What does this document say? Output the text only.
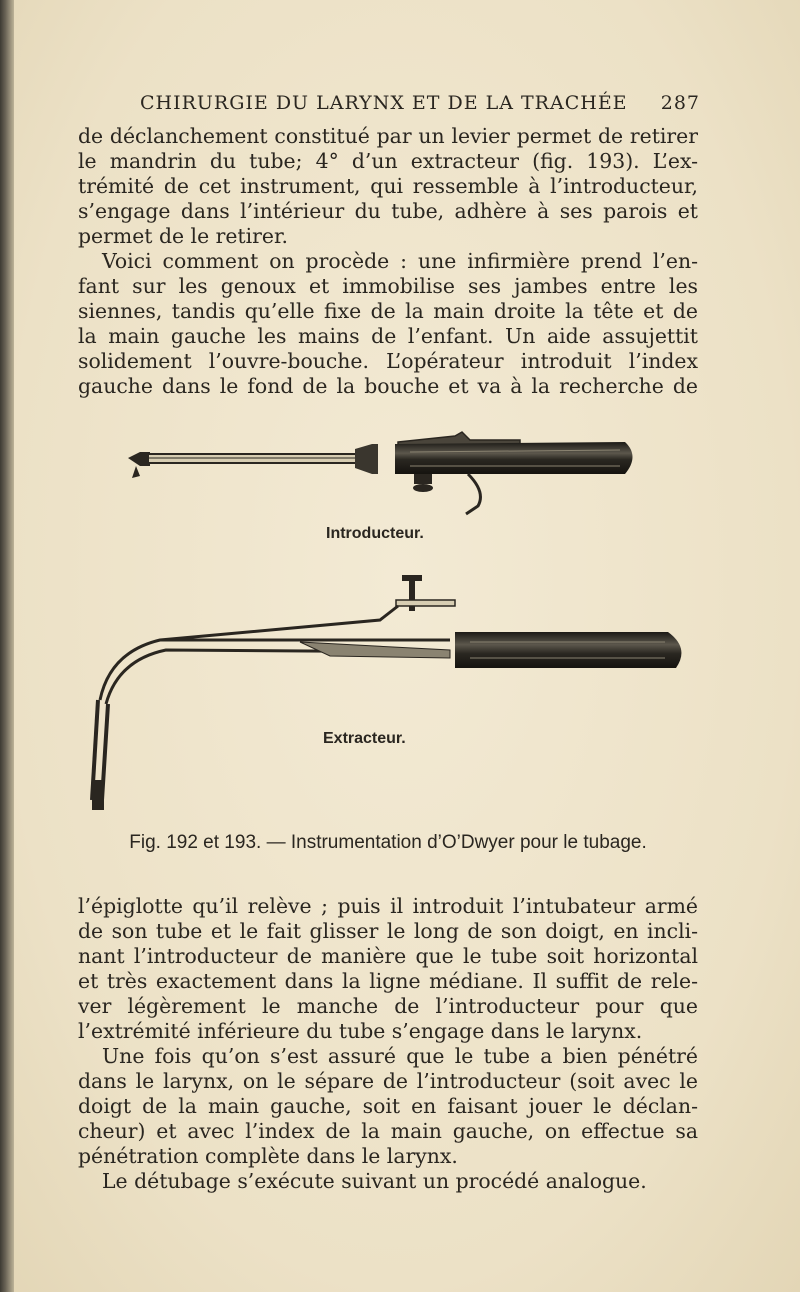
CHIRURGIE DU LARYNX ET DE LA TRACHÉE 287
de déclanchement constitué par un levier permet de retirer
le mandrin du tube; 4° d’un extracteur (fig. 193). L’ex-
trémité de cet instrument, qui ressemble à l’introducteur,
s’engage dans l’intérieur du tube, adhère à ses parois et
permet de le retirer.
Voici comment on procède : une infirmière prend l’en-
fant sur les genoux et immobilise ses jambes entre les
siennes, tandis qu’elle fixe de la main droite la tête et de
la main gauche les mains de l’enfant. Un aide assujettit
solidement l’ouvre-bouche. L’opérateur introduit l’index
gauche dans le fond de la bouche et va à la recherche de
Introducteur.
Extracteur.
Fig. 192 et 193. — Instrumentation d’O’Dwyer pour le tubage.
l’épiglotte qu’il relève ; puis il introduit l’intubateur armé
de son tube et le fait glisser le long de son doigt, en incli-
nant l’introducteur de manière que le tube soit horizontal
et très exactement dans la ligne médiane. Il suffit de rele-
ver légèrement le manche de l’introducteur pour que
l’extrémité inférieure du tube s’engage dans le larynx.
Une fois qu’on s’est assuré que le tube a bien pénétré
dans le larynx, on le sépare de l’introducteur (soit avec le
doigt de la main gauche, soit en faisant jouer le déclan-
cheur) et avec l’index de la main gauche, on effectue sa
pénétration complète dans le larynx.
Le détubage s’exécute suivant un procédé analogue.
